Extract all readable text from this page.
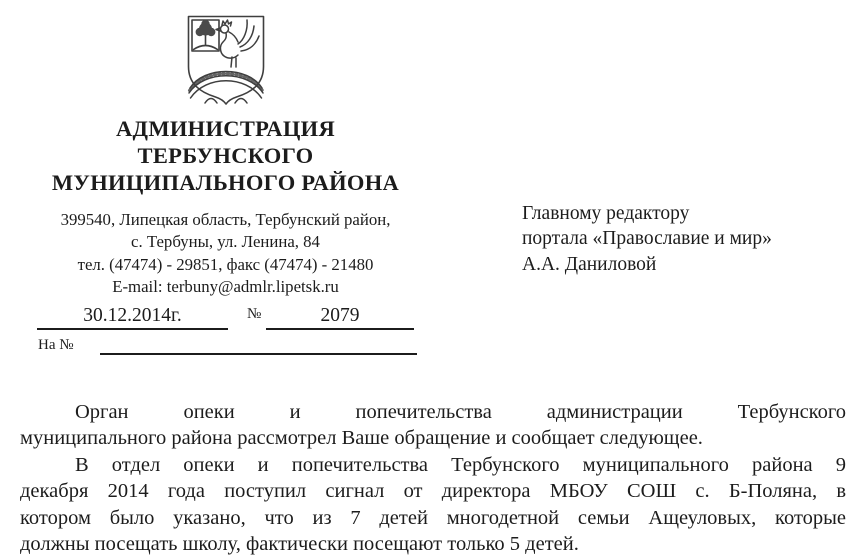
АДМИНИСТРАЦИЯ
ТЕРБУНСКОГО
МУНИЦИПАЛЬНОГО РАЙОНА
399540, Липецкая область, Тербунский район,
с. Тербуны, ул. Ленина, 84
тел. (47474) - 29851, факс (47474) - 21480
E-mail: terbuny@admlr.lipetsk.ru
30.12.2014г.	№	2079
На №
Главному редактору
портала «Православие и мир»
А.А. Даниловой
Орган опеки и попечительства администрации Тербунского
муниципального района рассмотрел Ваше обращение и сообщает следующее.
В отдел опеки и попечительства Тербунского муниципального района 9
декабря 2014 года поступил сигнал от директора МБОУ СОШ с. Б-Поляна, в
котором было указано, что из 7 детей многодетной семьи Ащеуловых, которые
должны посещать школу, фактически посещают только 5 детей.
